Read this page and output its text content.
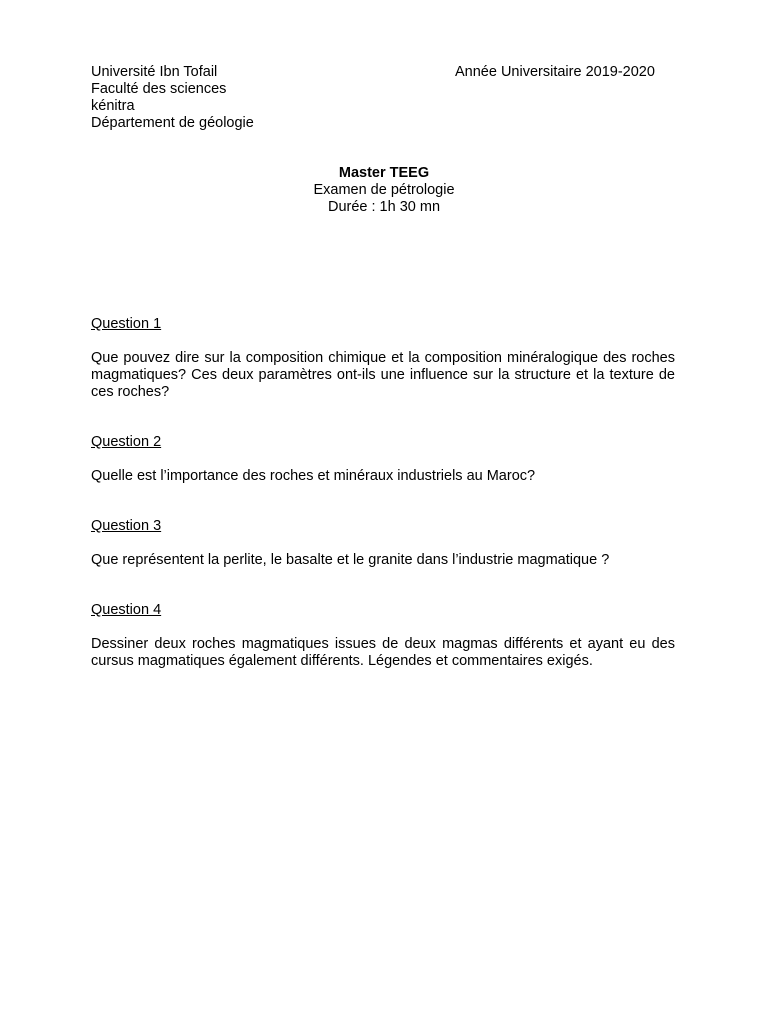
Université Ibn Tofail
Faculté des sciences
kénitra
Département de géologie
Année Universitaire 2019-2020
Master TEEG
Examen de pétrologie
Durée : 1h 30 mn
Question 1
Que pouvez dire sur la composition chimique et la composition minéralogique des roches magmatiques? Ces deux paramètres ont-ils une influence sur la structure et la texture de ces roches?
Question 2
Quelle est l’importance des roches et minéraux industriels au Maroc?
Question 3
Que représentent la perlite, le basalte et le granite dans l’industrie magmatique ?
Question 4
Dessiner deux roches magmatiques issues de deux magmas différents et ayant eu des cursus magmatiques également différents. Légendes et commentaires exigés.
